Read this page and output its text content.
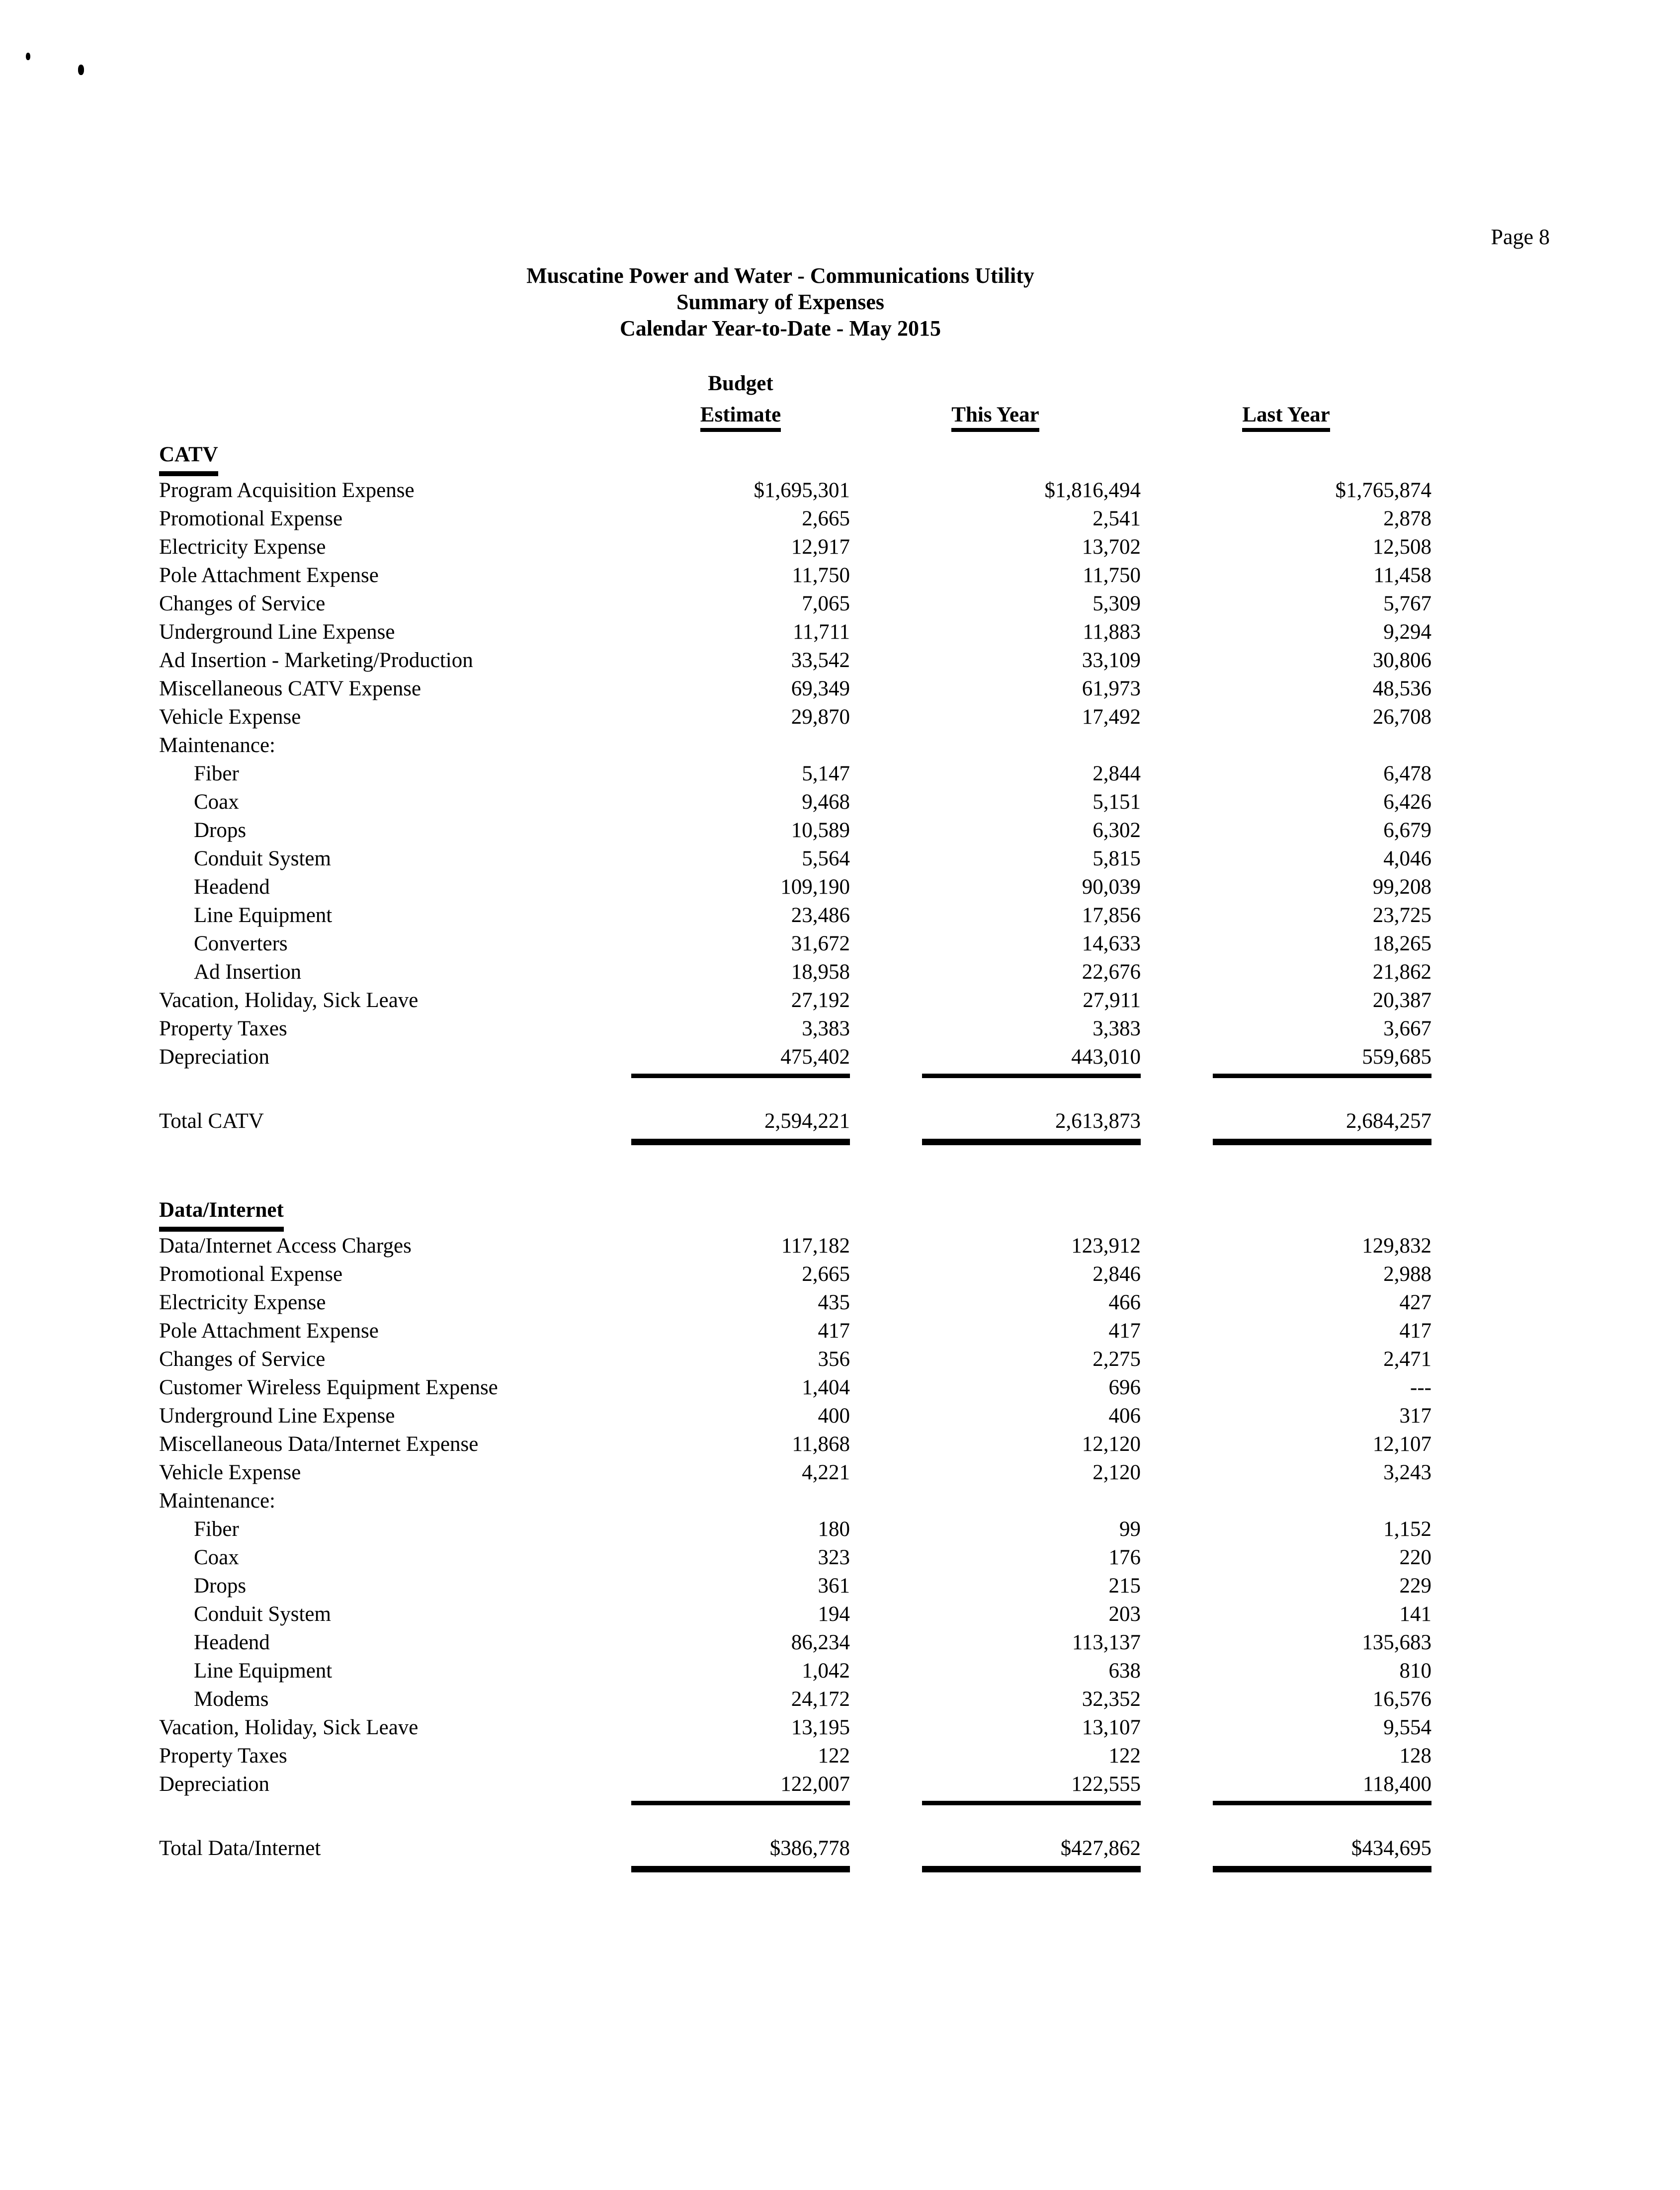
Page 8
Muscatine Power and Water - Communications Utility
Summary of Expenses
Calendar Year-to-Date - May 2015
Budget
Estimate	This Year	Last Year
CATV
Program Acquisition Expense	$1,695,301	$1,816,494	$1,765,874
Promotional Expense	2,665	2,541	2,878
Electricity Expense	12,917	13,702	12,508
Pole Attachment Expense	11,750	11,750	11,458
Changes of Service	7,065	5,309	5,767
Underground Line Expense	11,711	11,883	9,294
Ad Insertion - Marketing/Production	33,542	33,109	30,806
Miscellaneous CATV Expense	69,349	61,973	48,536
Vehicle Expense	29,870	17,492	26,708
Maintenance:
Fiber	5,147	2,844	6,478
Coax	9,468	5,151	6,426
Drops	10,589	6,302	6,679
Conduit System	5,564	5,815	4,046
Headend	109,190	90,039	99,208
Line Equipment	23,486	17,856	23,725
Converters	31,672	14,633	18,265
Ad Insertion	18,958	22,676	21,862
Vacation, Holiday, Sick Leave	27,192	27,911	20,387
Property Taxes	3,383	3,383	3,667
Depreciation	475,402	443,010	559,685
Total CATV	2,594,221	2,613,873	2,684,257
Data/Internet
Data/Internet Access Charges	117,182	123,912	129,832
Promotional Expense	2,665	2,846	2,988
Electricity Expense	435	466	427
Pole Attachment Expense	417	417	417
Changes of Service	356	2,275	2,471
Customer Wireless Equipment Expense	1,404	696	---
Underground Line Expense	400	406	317
Miscellaneous Data/Internet Expense	11,868	12,120	12,107
Vehicle Expense	4,221	2,120	3,243
Maintenance:
Fiber	180	99	1,152
Coax	323	176	220
Drops	361	215	229
Conduit System	194	203	141
Headend	86,234	113,137	135,683
Line Equipment	1,042	638	810
Modems	24,172	32,352	16,576
Vacation, Holiday, Sick Leave	13,195	13,107	9,554
Property Taxes	122	122	128
Depreciation	122,007	122,555	118,400
Total Data/Internet	$386,778	$427,862	$434,695
